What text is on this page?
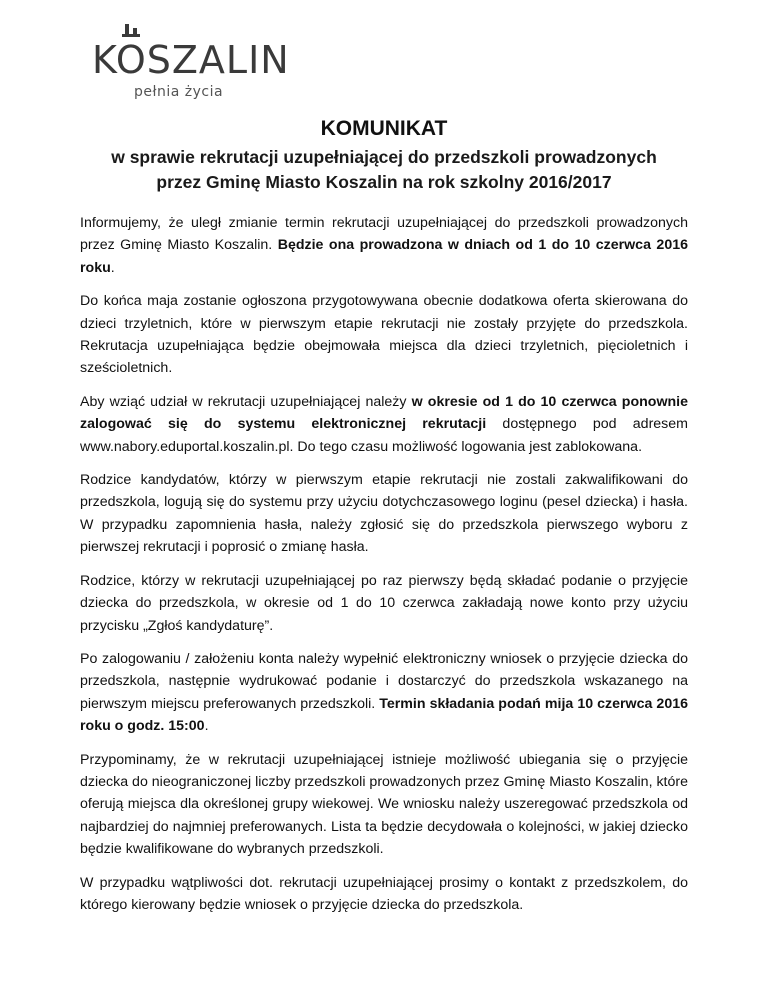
KOSZALIN
pełnia życia
KOMUNIKAT
w sprawie rekrutacji uzupełniającej do przedszkoli prowadzonych
przez Gminę Miasto Koszalin na rok szkolny 2016/2017

Informujemy, że uległ zmianie termin rekrutacji uzupełniającej do przedszkoli prowadzonych przez Gminę Miasto Koszalin. Będzie ona prowadzona w dniach od 1 do 10 czerwca 2016 roku.

Do końca maja zostanie ogłoszona przygotowywana obecnie dodatkowa oferta skierowana do dzieci trzyletnich, które w pierwszym etapie rekrutacji nie zostały przyjęte do przedszkola. Rekrutacja uzupełniająca będzie obejmowała miejsca dla dzieci trzyletnich, pięcioletnich i sześcioletnich.

Aby wziąć udział w rekrutacji uzupełniającej należy w okresie od 1 do 10 czerwca ponownie zalogować się do systemu elektronicznej rekrutacji dostępnego pod adresem www.nabory.eduportal.koszalin.pl. Do tego czasu możliwość logowania jest zablokowana.

Rodzice kandydatów, którzy w pierwszym etapie rekrutacji nie zostali zakwalifikowani do przedszkola, logują się do systemu przy użyciu dotychczasowego loginu (pesel dziecka) i hasła. W przypadku zapomnienia hasła, należy zgłosić się do przedszkola pierwszego wyboru z pierwszej rekrutacji i poprosić o zmianę hasła.

Rodzice, którzy w rekrutacji uzupełniającej po raz pierwszy będą składać podanie o przyjęcie dziecka do przedszkola, w okresie od 1 do 10 czerwca zakładają nowe konto przy użyciu przycisku „Zgłoś kandydaturę”.

Po zalogowaniu / założeniu konta należy wypełnić elektroniczny wniosek o przyjęcie dziecka do przedszkola, następnie wydrukować podanie i dostarczyć do przedszkola wskazanego na pierwszym miejscu preferowanych przedszkoli. Termin składania podań mija 10 czerwca 2016 roku o godz. 15:00.

Przypominamy, że w rekrutacji uzupełniającej istnieje możliwość ubiegania się o przyjęcie dziecka do nieograniczonej liczby przedszkoli prowadzonych przez Gminę Miasto Koszalin, które oferują miejsca dla określonej grupy wiekowej. We wniosku należy uszeregować przedszkola od najbardziej do najmniej preferowanych. Lista ta będzie decydowała o kolejności, w jakiej dziecko będzie kwalifikowane do wybranych przedszkoli.

W przypadku wątpliwości dot. rekrutacji uzupełniającej prosimy o kontakt z przedszkolem, do którego kierowany będzie wniosek o przyjęcie dziecka do przedszkola.
